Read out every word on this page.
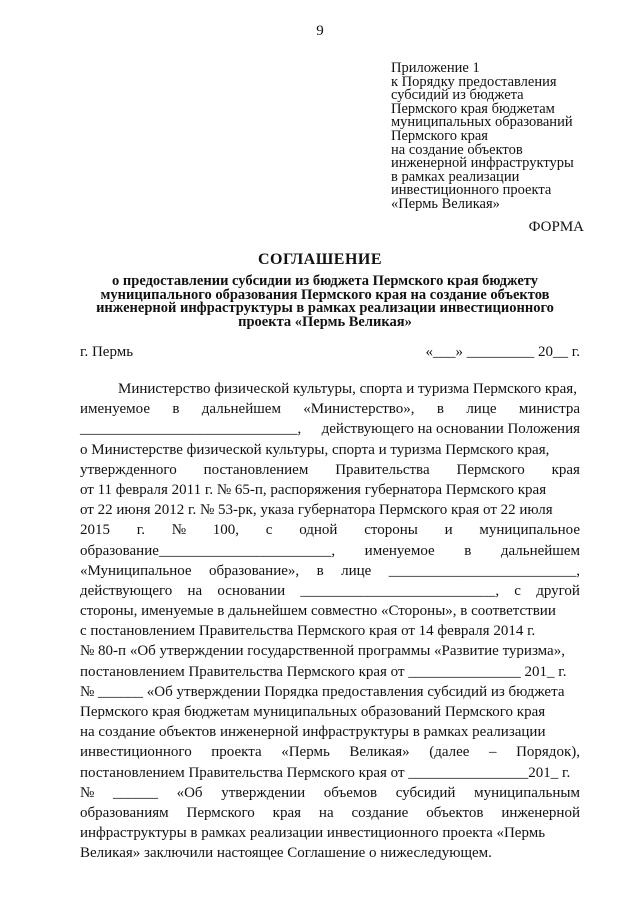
9
Приложение 1
к Порядку предоставления
субсидий из бюджета
Пермского края бюджетам
муниципальных образований
Пермского края
на создание объектов
инженерной инфраструктуры
в рамках реализации
инвестиционного проекта
«Пермь Великая»
ФОРМА
СОГЛАШЕНИЕ
о предоставлении субсидии из бюджета Пермского края бюджету
муниципального образования Пермского края на создание объектов
инженерной инфраструктуры в рамках реализации инвестиционного
проекта «Пермь Великая»
г. Пермь	«___» _________ 20__ г.
Министерство физической культуры, спорта и туризма Пермского края,
именуемое в дальнейшем «Министерство», в лице министра
_____________________________, действующего на основании Положения
о Министерстве физической культуры, спорта и туризма Пермского края,
утвержденного постановлением Правительства Пермского края
от 11 февраля 2011 г. № 65-п, распоряжения губернатора Пермского края
от 22 июня 2012 г. № 53-рк, указа губернатора Пермского края от 22 июля
2015 г. № 100, с одной стороны и муниципальное
образование_______________________, именуемое в дальнейшем
«Муниципальное образование», в лице _________________________,
действующего на основании __________________________, с другой
стороны, именуемые в дальнейшем совместно «Стороны», в соответствии
с постановлением Правительства Пермского края от 14 февраля 2014 г.
№ 80-п «Об утверждении государственной программы «Развитие туризма»,
постановлением Правительства Пермского края от _______________ 201_ г.
№ ______ «Об утверждении Порядка предоставления субсидий из бюджета
Пермского края бюджетам муниципальных образований Пермского края
на создание объектов инженерной инфраструктуры в рамках реализации
инвестиционного проекта «Пермь Великая» (далее – Порядок),
постановлением Правительства Пермского края от ________________201_ г.
№ ______ «Об утверждении объемов субсидий муниципальным
образованиям Пермского края на создание объектов инженерной
инфраструктуры в рамках реализации инвестиционного проекта «Пермь
Великая» заключили настоящее Соглашение о нижеследующем.
